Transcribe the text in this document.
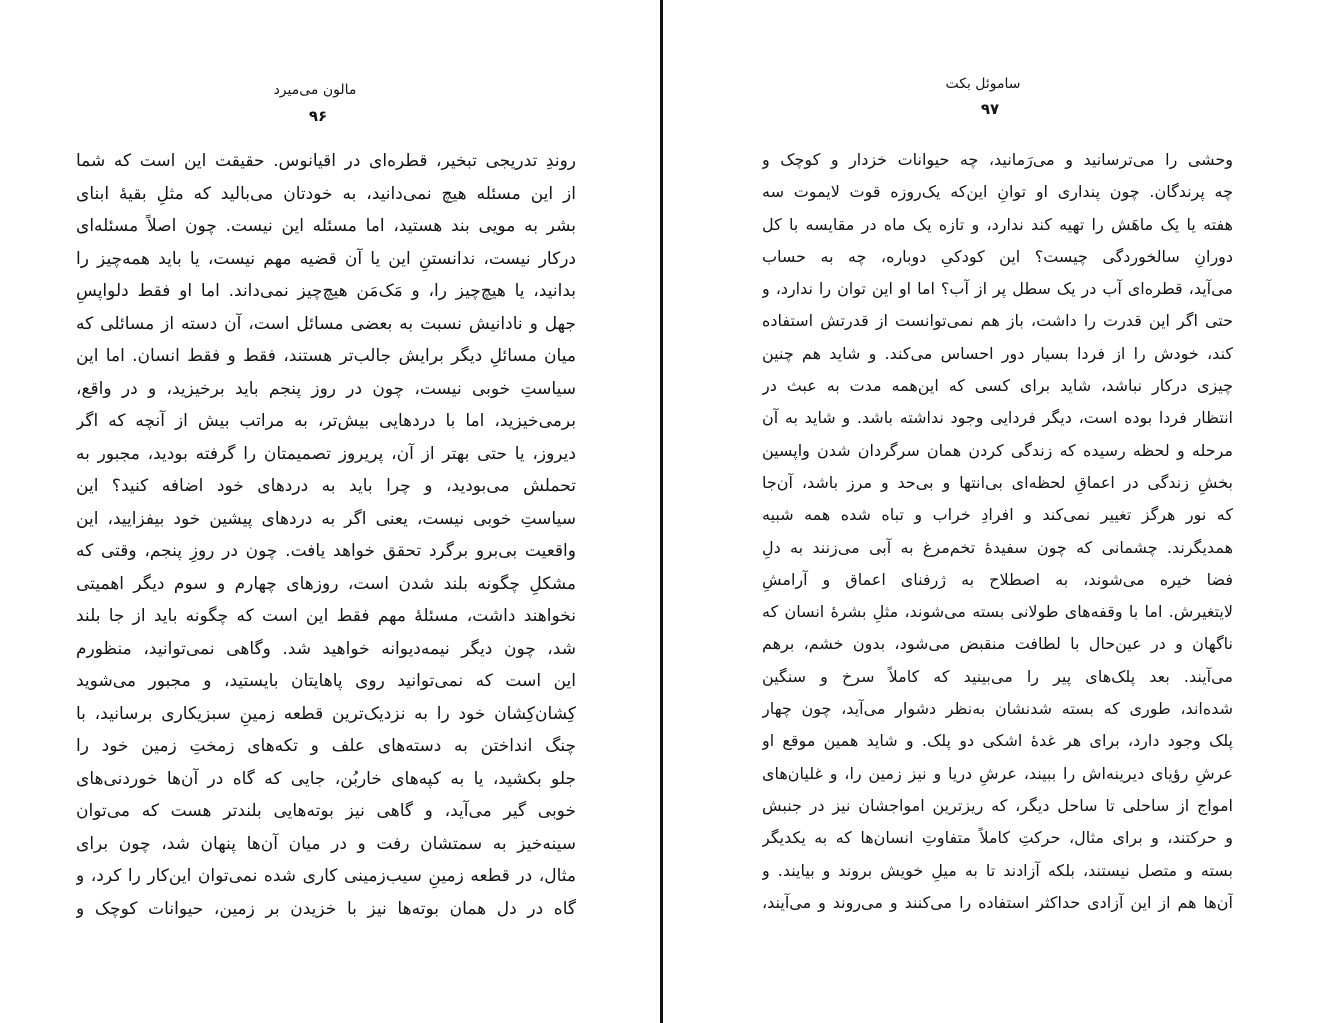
مالون می‌میرد
۹۶
روندِ تدریجی تبخیر، قطره‌ای در اقیانوس. حقیقت این است که شما
از این مسئله هیچ نمی‌دانید، به خودتان می‌بالید که مثلِ بقیهٔ ابنای
بشر به مویی بند هستید، اما مسئله این نیست. چون اصلاً مسئله‌ای
درکار نیست، ندانستنِ این یا آن قضیه مهم نیست، یا باید همه‌چیز را
بدانید، یا هیچ‌چیز را، و مَک‌مَن هیچ‌چیز نمی‌داند. اما او فقط دلواپسِ
جهل و نادانیش نسبت به بعضی مسائل است، آن دسته از مسائلی که
میان مسائلِ دیگر برایش جالب‌تر هستند، فقط و فقط انسان. اما این
سیاستِ خوبی نیست، چون در روز پنجم باید برخیزید، و در واقع،
برمی‌خیزید، اما با دردهایی بیش‌تر، به مراتب بیش از آنچه که اگر
دیروز، یا حتی بهتر از آن، پریروز تصمیمتان را گرفته بودید، مجبور به
تحملش می‌بودید، و چرا باید به دردهای خود اضافه کنید؟ این
سیاستِ خوبی نیست، یعنی اگر به دردهای پیشین خود بیفزایید، این
واقعیت بی‌برو برگرد تحقق خواهد یافت. چون در روزِ پنجم، وقتی که
مشکلِ چگونه بلند شدن است، روزهای چهارم و سوم دیگر اهمیتی
نخواهند داشت، مسئلهٔ مهم فقط این است که چگونه باید از جا بلند
شد، چون دیگر نیمه‌دیوانه خواهید شد. وگاهی نمی‌توانید، منظورم
این است که نمی‌توانید روی پاهایتان بایستید، و مجبور می‌شوید
کِشان‌کِشان خود را به نزدیک‌ترین قطعه زمینِ سبزیکاری برسانید، با
چنگ انداختن به دسته‌های علف و تکه‌های زمختِ زمین خود را
جلو بکشید، یا به کپه‌های خاربُن، جایی که گاه در آن‌ها خوردنی‌های
خوبی گیر می‌آید، و گاهی نیز بوته‌هایی بلندتر هست که می‌توان
سینه‌خیز به سمتشان رفت و در میان آن‌ها پنهان شد، چون برای
مثال، در قطعه زمینِ سیب‌زمینی کاری شده نمی‌توان این‌کار را کرد، و
گاه در دل همان بوته‌ها نیز با خزیدن بر زمین، حیوانات کوچک و
ساموئل بکت
۹۷
وحشی را می‌ترسانید و می‌رَمانید، چه حیوانات خزدار و کوچک و
چه پرندگان. چون پنداری او توانِ این‌که یک‌روزه قوت لایموت سه
هفته یا یک ماهَش را تهیه کند ندارد، و تازه یک ماه در مقایسه با کل
دورانِ سالخوردگی چیست؟ این کودکیِ دوباره، چه به حساب
می‌آید، قطره‌ای آب در یک سطل پر از آب؟ اما او این توان را ندارد، و
حتی اگر این قدرت را داشت، باز هم نمی‌توانست از قدرتش استفاده
کند، خودش را از فردا بسیار دور احساس می‌کند. و شاید هم چنین
چیزی درکار نباشد، شاید برای کسی که این‌همه مدت به عبث در
انتظار فردا بوده است، دیگر فردایی وجود نداشته باشد. و شاید به آن
مرحله و لحظه رسیده که زندگی کردن همان سرگردان شدن واپسین
بخشِ زندگی در اعماقِ لحظه‌ای بی‌انتها و بی‌حد و مرز باشد، آن‌جا
که نور هرگز تغییر نمی‌کند و افرادِ خراب و تباه شده همه شبیه
همدیگرند. چشمانی که چون سفیدهٔ تخم‌مرغ به آبی می‌زنند به دلِ
فضا خیره می‌شوند، به اصطلاح به ژرفنای اعماق و آرامشِ
لایتغیرش. اما با وقفه‌های طولانی بسته می‌شوند، مثلِ بشرهٔ انسان که
ناگهان و در عین‌حال با لطافت منقبض می‌شود، بدون خشم، برهم
می‌آیند. بعد پلک‌های پیر را می‌بینید که کاملاً سرخ و سنگین
شده‌اند، طوری که بسته شدنشان به‌نظر دشوار می‌آید، چون چهار
پلک وجود دارد، برای هر غدهٔ اشکی دو پلک. و شاید همین موقع او
عرشِ رؤیای دیرینه‌اش را ببیند، عرشِ دریا و نیز زمین را، و غلیان‌های
امواج از ساحلی تا ساحل دیگر، که ریزترین امواجشان نیز در جنبش
و حرکتند، و برای مثال، حرکتِ کاملاً متفاوتِ انسان‌ها که به یکدیگر
بسته و متصل نیستند، بلکه آزادند تا به میلِ خویش بروند و بیایند. و
آن‌ها هم از این آزادی حداکثر استفاده را می‌کنند و می‌روند و می‌آیند،
